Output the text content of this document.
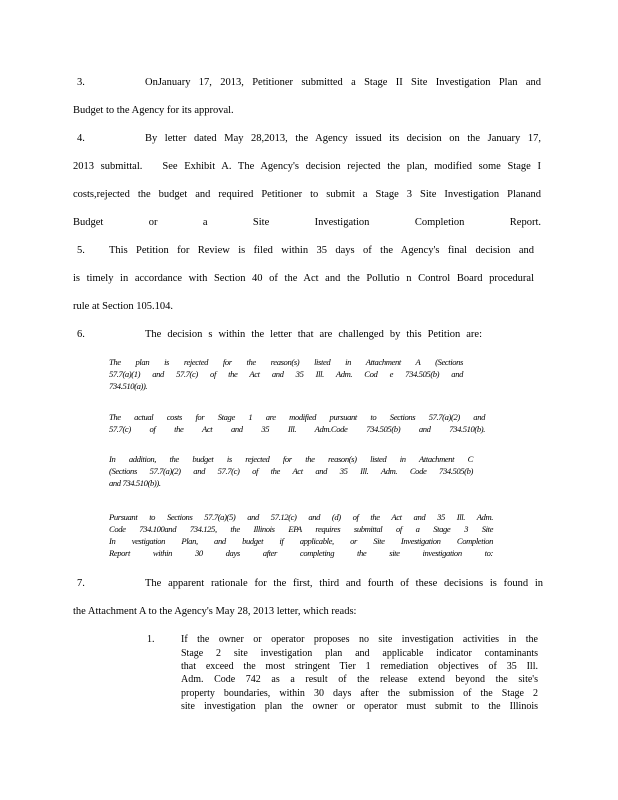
3.	OnJanuary 17, 2013, Petitioner submitted a Stage II Site Investigation Plan and
Budget to the Agency for its approval.
4.	By letter dated May 28,2013, the Agency issued its decision on the January 17,
2013 submittal.   See Exhibit A. The Agency's decision rejected the plan, modified some Stage I
costs,rejected the budget and required Petitioner to submit a Stage 3 Site Investigation Planand
Budget or a Site Investigation Completion Report.
5. This Petition for Review is filed within 35 days of the Agency's final decision and
is timely in accordance with Section 40 of the Act and the Pollutio n Control Board procedural
rule at Section 105.104.
6.	The decision s within the letter that are challenged by this Petition are:
The plan is rejected for the reason(s) listed in Attachment A (Sections
57.7(a)(1) and 57.7(c) of the Act and 35 Ill. Adm. Cod e 734.505(b) and
734.510(a)).
The actual costs for Stage 1 are modified pursuant to Sections 57.7(a)(2) and
57.7(c) of the Act and 35 Ill. Adm.Code 734.505(b) and 734.510(b).
In addition, the budget is rejected for the reason(s) listed in Attachment C
(Sections 57.7(a)(2) and 57.7(c) of the Act and 35 Ill. Adm. Code 734.505(b)
and 734.510(b)).
Pursuant to Sections 57.7(a)(5) and 57.12(c) and (d) of the Act and 35 Ill. Adm.
Code 734.100and 734.125, the Illinois EPA requires submittal of a Stage 3 Site
In vestigation Plan, and budget if applicable, or Site Investigation Completion
Report within 30 days after completing the site investigation to:
7.	The apparent rationale for the first, third and fourth of these decisions is found in
the Attachment A to the Agency's May 28, 2013 letter, which reads:
1.	If the owner or operator proposes no site investigation activities in the
Stage 2 site investigation plan and applicable indicator contaminants
that exceed the most stringent Tier 1 remediation objectives of 35 Ill.
Adm. Code 742 as a result of the release extend beyond the site's
property boundaries, within 30 days after the submission of the Stage 2
site investigation plan the owner or operator must submit to the Illinois
